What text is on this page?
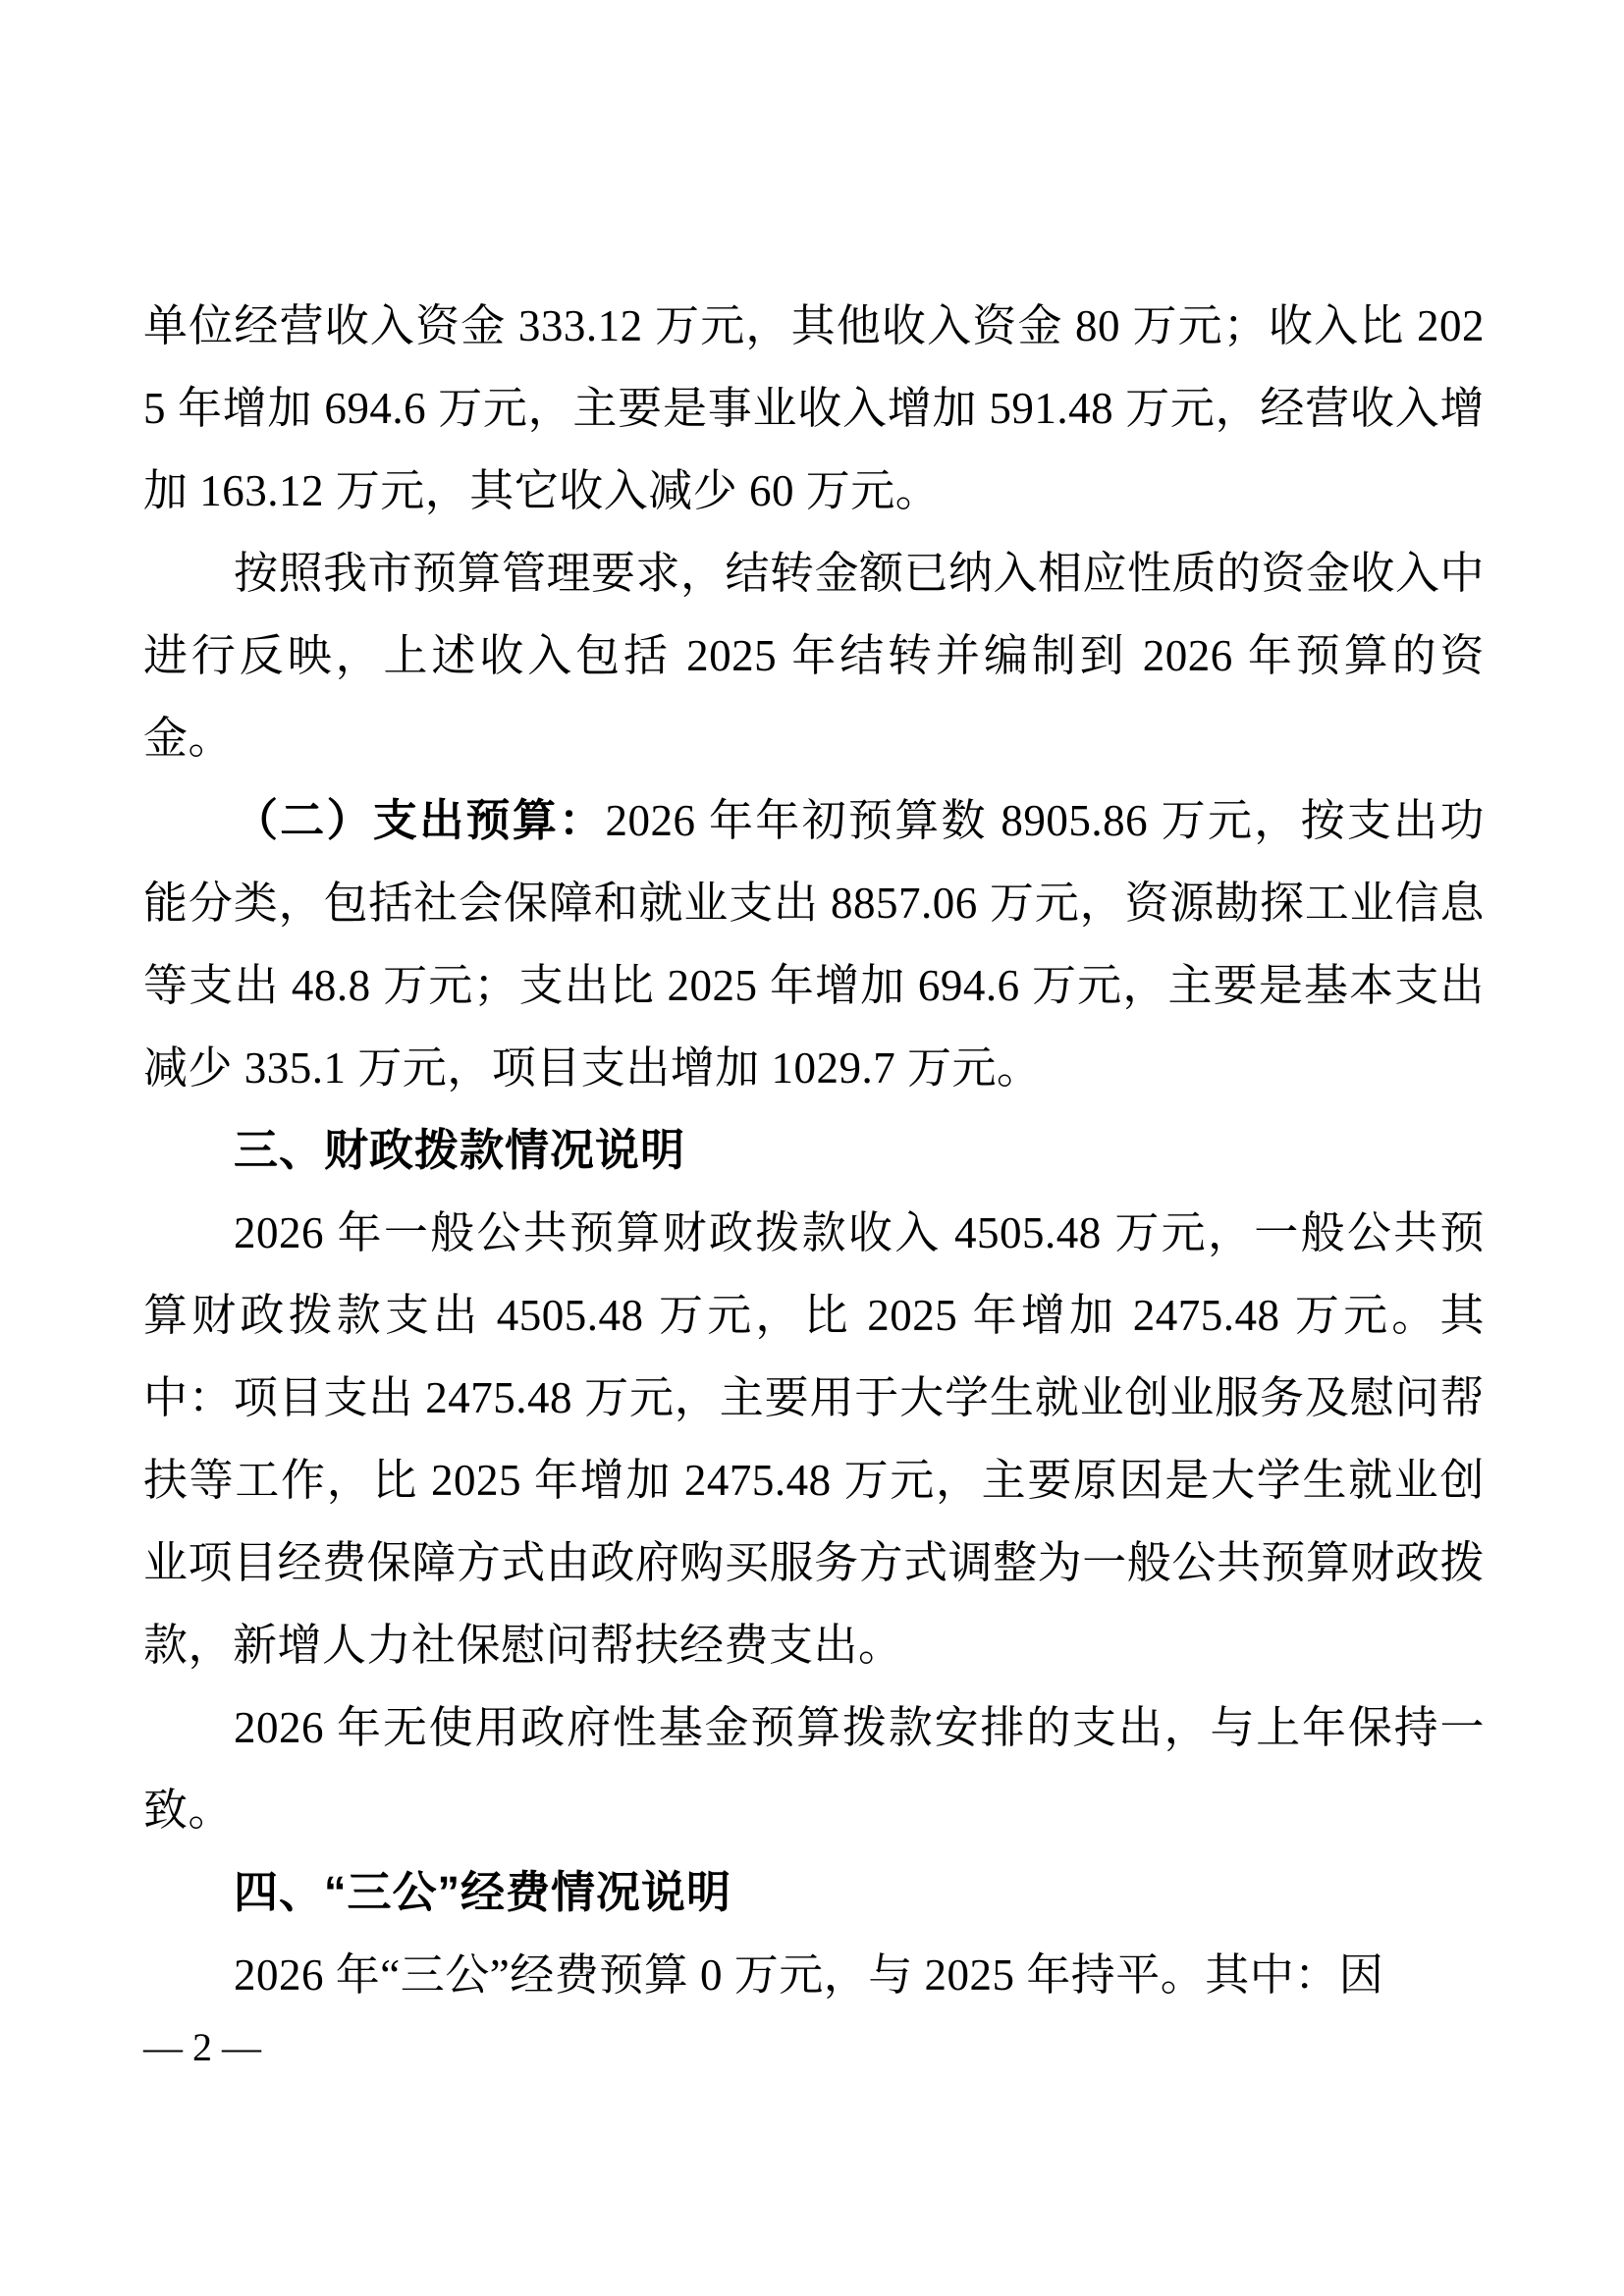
单位经营收入资金 333.12 万元，其他收入资金 80 万元；收入比 2025 年增加 694.6 万元，主要是事业收入增加 591.48 万元，经营收入增加 163.12 万元，其它收入减少 60 万元。

按照我市预算管理要求，结转金额已纳入相应性质的资金收入中进行反映，上述收入包括 2025 年结转并编制到 2026 年预算的资金。

（二）支出预算：2026 年年初预算数 8905.86 万元，按支出功能分类，包括社会保障和就业支出 8857.06 万元，资源勘探工业信息等支出 48.8 万元；支出比 2025 年增加 694.6 万元，主要是基本支出减少 335.1 万元，项目支出增加 1029.7 万元。

三、财政拨款情况说明

2026 年一般公共预算财政拨款收入 4505.48 万元，一般公共预算财政拨款支出 4505.48 万元，比 2025 年增加 2475.48 万元。其中：项目支出 2475.48 万元，主要用于大学生就业创业服务及慰问帮扶等工作，比 2025 年增加 2475.48 万元，主要原因是大学生就业创业项目经费保障方式由政府购买服务方式调整为一般公共预算财政拨款，新增人力社保慰问帮扶经费支出。

2026 年无使用政府性基金预算拨款安排的支出，与上年保持一致。

四、“三公”经费情况说明

2026 年“三公”经费预算 0 万元，与 2025 年持平。其中：因

— 2 —
